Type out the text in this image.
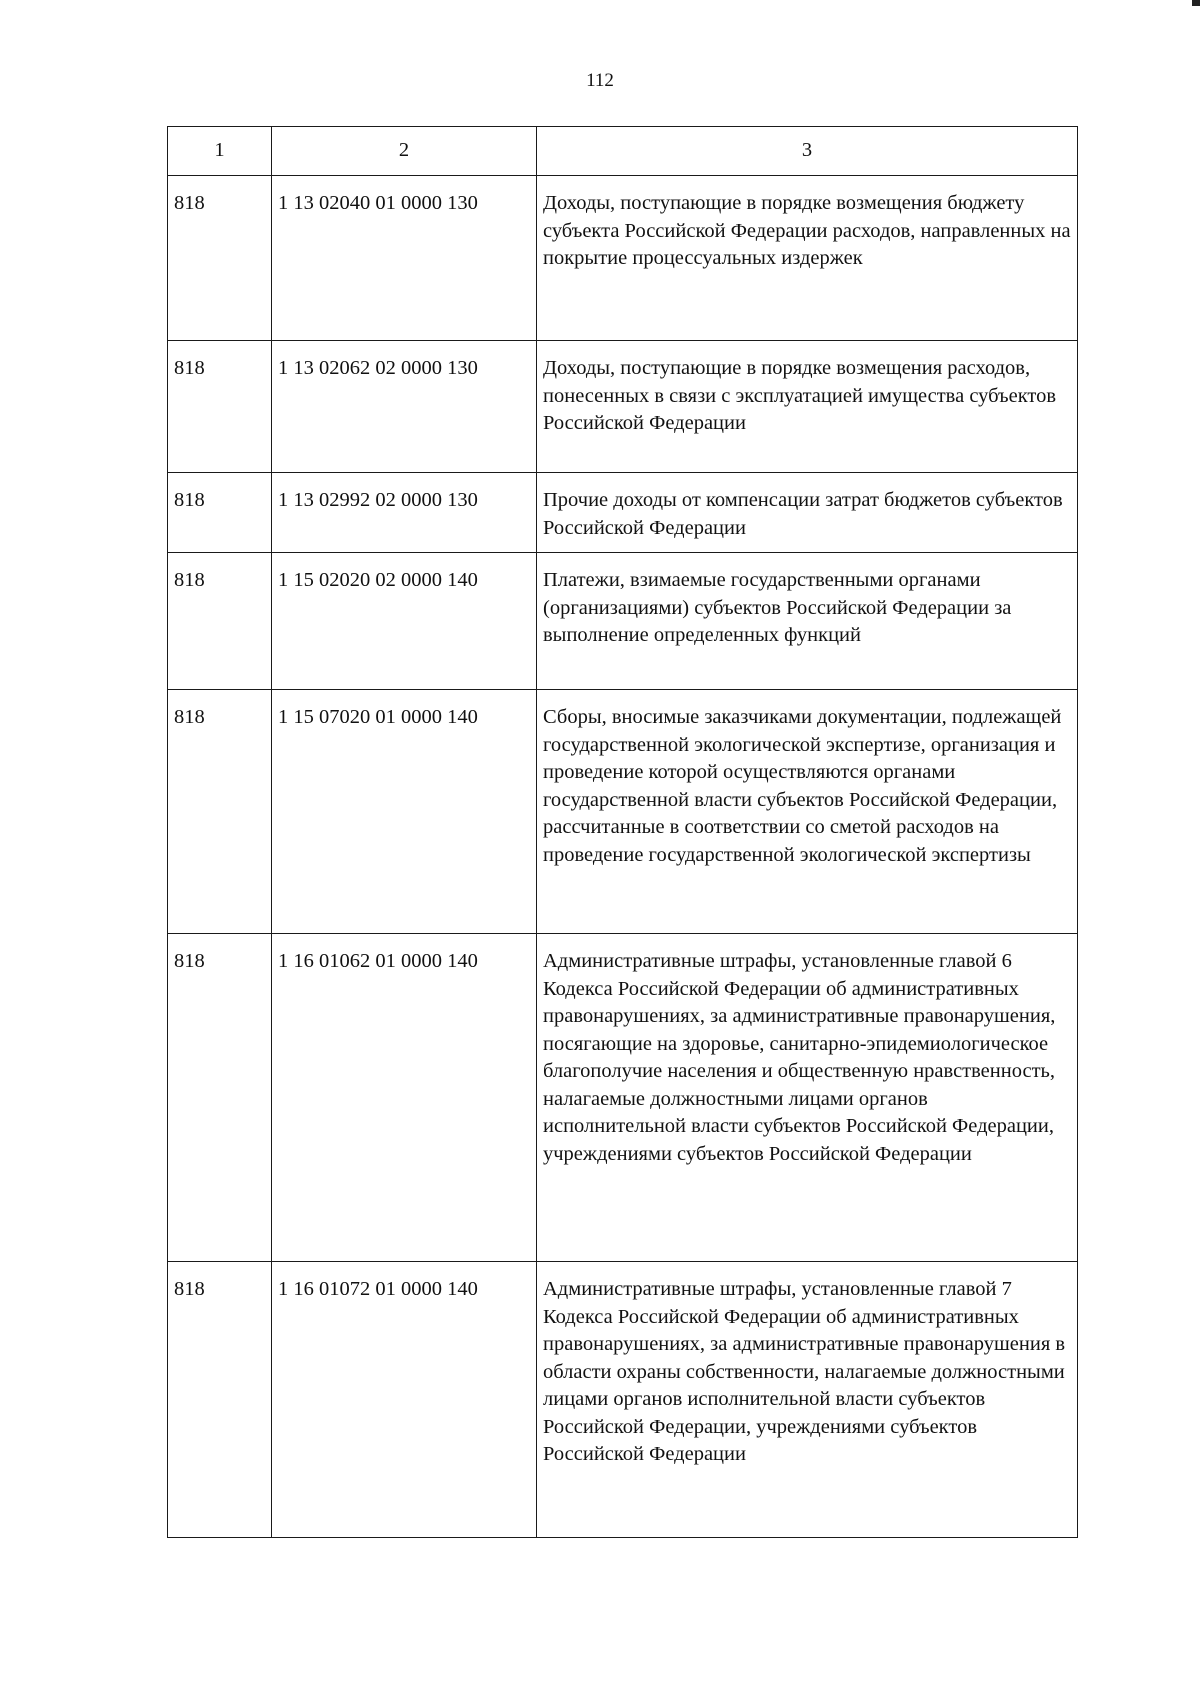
112
1	2	3
818	1 13 02040 01 0000 130	Доходы, поступающие в порядке возмещения бюджету субъекта Российской Федерации расходов, направленных на покрытие процессуальных издержек
818	1 13 02062 02 0000 130	Доходы, поступающие в порядке возмещения расходов, понесенных в связи с эксплуатацией имущества субъектов Российской Федерации
818	1 13 02992 02 0000 130	Прочие доходы от компенсации затрат бюджетов субъектов Российской Федерации
818	1 15 02020 02 0000 140	Платежи, взимаемые государственными органами (организациями) субъектов Российской Федерации за выполнение определенных функций
818	1 15 07020 01 0000 140	Сборы, вносимые заказчиками документации, подлежащей государственной экологической экспертизе, организация и проведение которой осуществляются органами государственной власти субъектов Российской Федерации, рассчитанные в соответствии со сметой расходов на проведение государственной экологической экспертизы
818	1 16 01062 01 0000 140	Административные штрафы, установленные главой 6 Кодекса Российской Федерации об административных правонарушениях, за административные правонарушения, посягающие на здоровье, санитарно-эпидемиологическое благополучие населения и общественную нравственность, налагаемые должностными лицами органов исполнительной власти субъектов Российской Федерации, учреждениями субъектов Российской Федерации
818	1 16 01072 01 0000 140	Административные штрафы, установленные главой 7 Кодекса Российской Федерации об административных правонарушениях, за административные правонарушения в области охраны собственности, налагаемые должностными лицами органов исполнительной власти субъектов Российской Федерации, учреждениями субъектов Российской Федерации
